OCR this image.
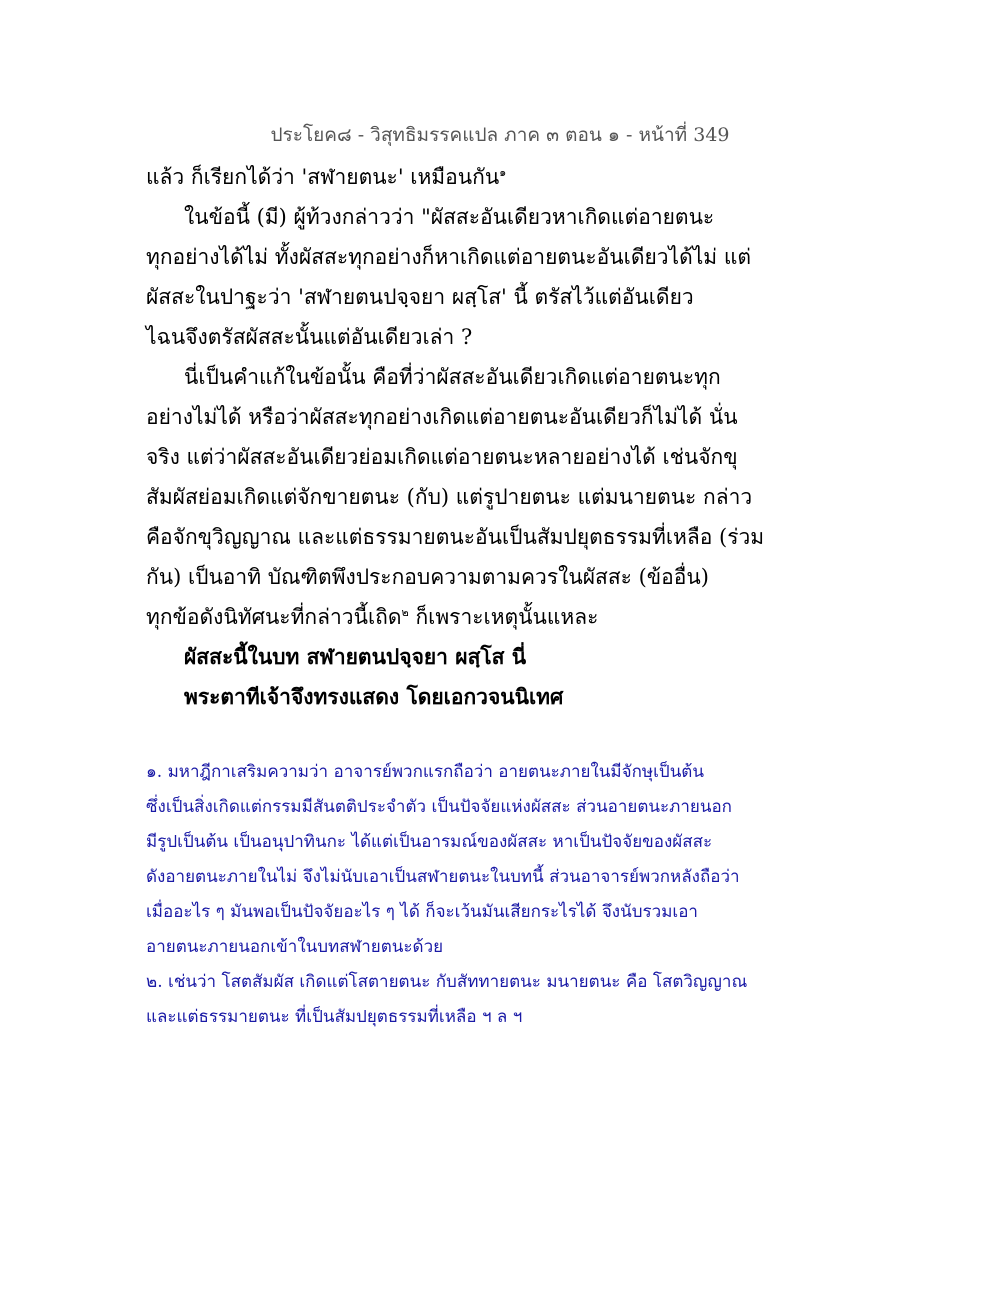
ประโยค๘ - วิสุทธิมรรคแปล ภาค ๓ ตอน ๑ - หน้าที่ 349
แล้ว ก็เรียกได้ว่า 'สฬายตนะ' เหมือนกัน$^๑$
ในข้อนี้ (มี) ผู้ท้วงกล่าวว่า "ผัสสะอันเดียวหาเกิดแต่อายตนะ
ทุกอย่างได้ไม่ ทั้งผัสสะทุกอย่างก็หาเกิดแต่อายตนะอันเดียวได้ไม่ แต่
ผัสสะในปาฐะว่า 'สฬายตนปจฺจยา ผสฺโส' นี้ ตรัสไว้แต่อันเดียว
ไฉนจึงตรัสผัสสะนั้นแต่อันเดียวเล่า ?
นี่เป็นคำแก้ในข้อนั้น คือที่ว่าผัสสะอันเดียวเกิดแต่อายตนะทุก
อย่างไม่ได้ หรือว่าผัสสะทุกอย่างเกิดแต่อายตนะอันเดียวก็ไม่ได้ นั่น
จริง แต่ว่าผัสสะอันเดียวย่อมเกิดแต่อายตนะหลายอย่างได้ เช่นจักขุ
สัมผัสย่อมเกิดแต่จักขายตนะ (กับ) แต่รูปายตนะ แต่มนายตนะ กล่าว
คือจักขุวิญญาณ และแต่ธรรมายตนะอันเป็นสัมปยุตธรรมที่เหลือ (ร่วม
กัน) เป็นอาทิ บัณฑิตพึงประกอบความตามควรในผัสสะ (ข้ออื่น)
ทุกข้อดังนิทัศนะที่กล่าวนี้เถิด$^๒$ ก็เพราะเหตุนั้นแหละ
ผัสสะนี้ในบท สฬายตนปจฺจยา ผสฺโส นี่
พระตาทีเจ้าจึงทรงแสดง โดยเอกวจนนิเทศ
๑. มหาฎีกาเสริมความว่า อาจารย์พวกแรกถือว่า อายตนะภายในมีจักษุเป็นต้น
ซึ่งเป็นสิ่งเกิดแต่กรรมมีสันตติประจำตัว เป็นปัจจัยแห่งผัสสะ ส่วนอายตนะภายนอก
มีรูปเป็นต้น เป็นอนุปาทินกะ ได้แต่เป็นอารมณ์ของผัสสะ หาเป็นปัจจัยของผัสสะ
ดังอายตนะภายในไม่ จึงไม่นับเอาเป็นสฬายตนะในบทนี้ ส่วนอาจารย์พวกหลังถือว่า
เมื่ออะไร ๆ มันพอเป็นปัจจัยอะไร ๆ ได้ ก็จะเว้นมันเสียกระไรได้ จึงนับรวมเอา
อายตนะภายนอกเข้าในบทสฬายตนะด้วย
๒. เช่นว่า โสตสัมผัส เกิดแต่โสตายตนะ กับสัททายตนะ มนายตนะ คือ โสตวิญญาณ
และแต่ธรรมายตนะ ที่เป็นสัมปยุตธรรมที่เหลือ ฯ ล ฯ
